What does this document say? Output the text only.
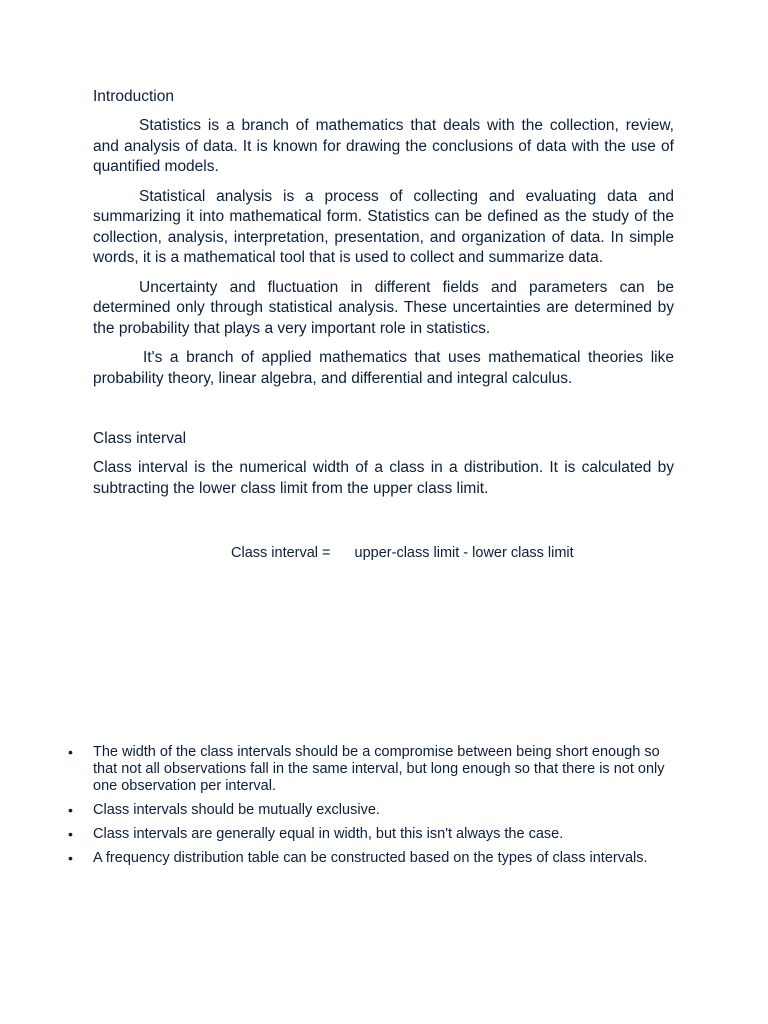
Introduction

Statistics is a branch of mathematics that deals with the collection, review, and analysis of data. It is known for drawing the conclusions of data with the use of quantified models.

Statistical analysis is a process of collecting and evaluating data and summarizing it into mathematical form. Statistics can be defined as the study of the collection, analysis, interpretation, presentation, and organization of data. In simple words, it is a mathematical tool that is used to collect and summarize data.

Uncertainty and fluctuation in different fields and parameters can be determined only through statistical analysis. These uncertainties are determined by the probability that plays a very important role in statistics.

It's a branch of applied mathematics that uses mathematical theories like probability theory, linear algebra, and differential and integral calculus.

Class interval

Class interval is the numerical width of a class in a distribution. It is calculated by subtracting the lower class limit from the upper class limit.

Class interval = upper-class limit - lower class limit
• The width of the class intervals should be a compromise between being short enough so that not all observations fall in the same interval, but long enough so that there is not only one observation per interval.
• Class intervals should be mutually exclusive.
• Class intervals are generally equal in width, but this isn't always the case.
• A frequency distribution table can be constructed based on the types of class intervals.
